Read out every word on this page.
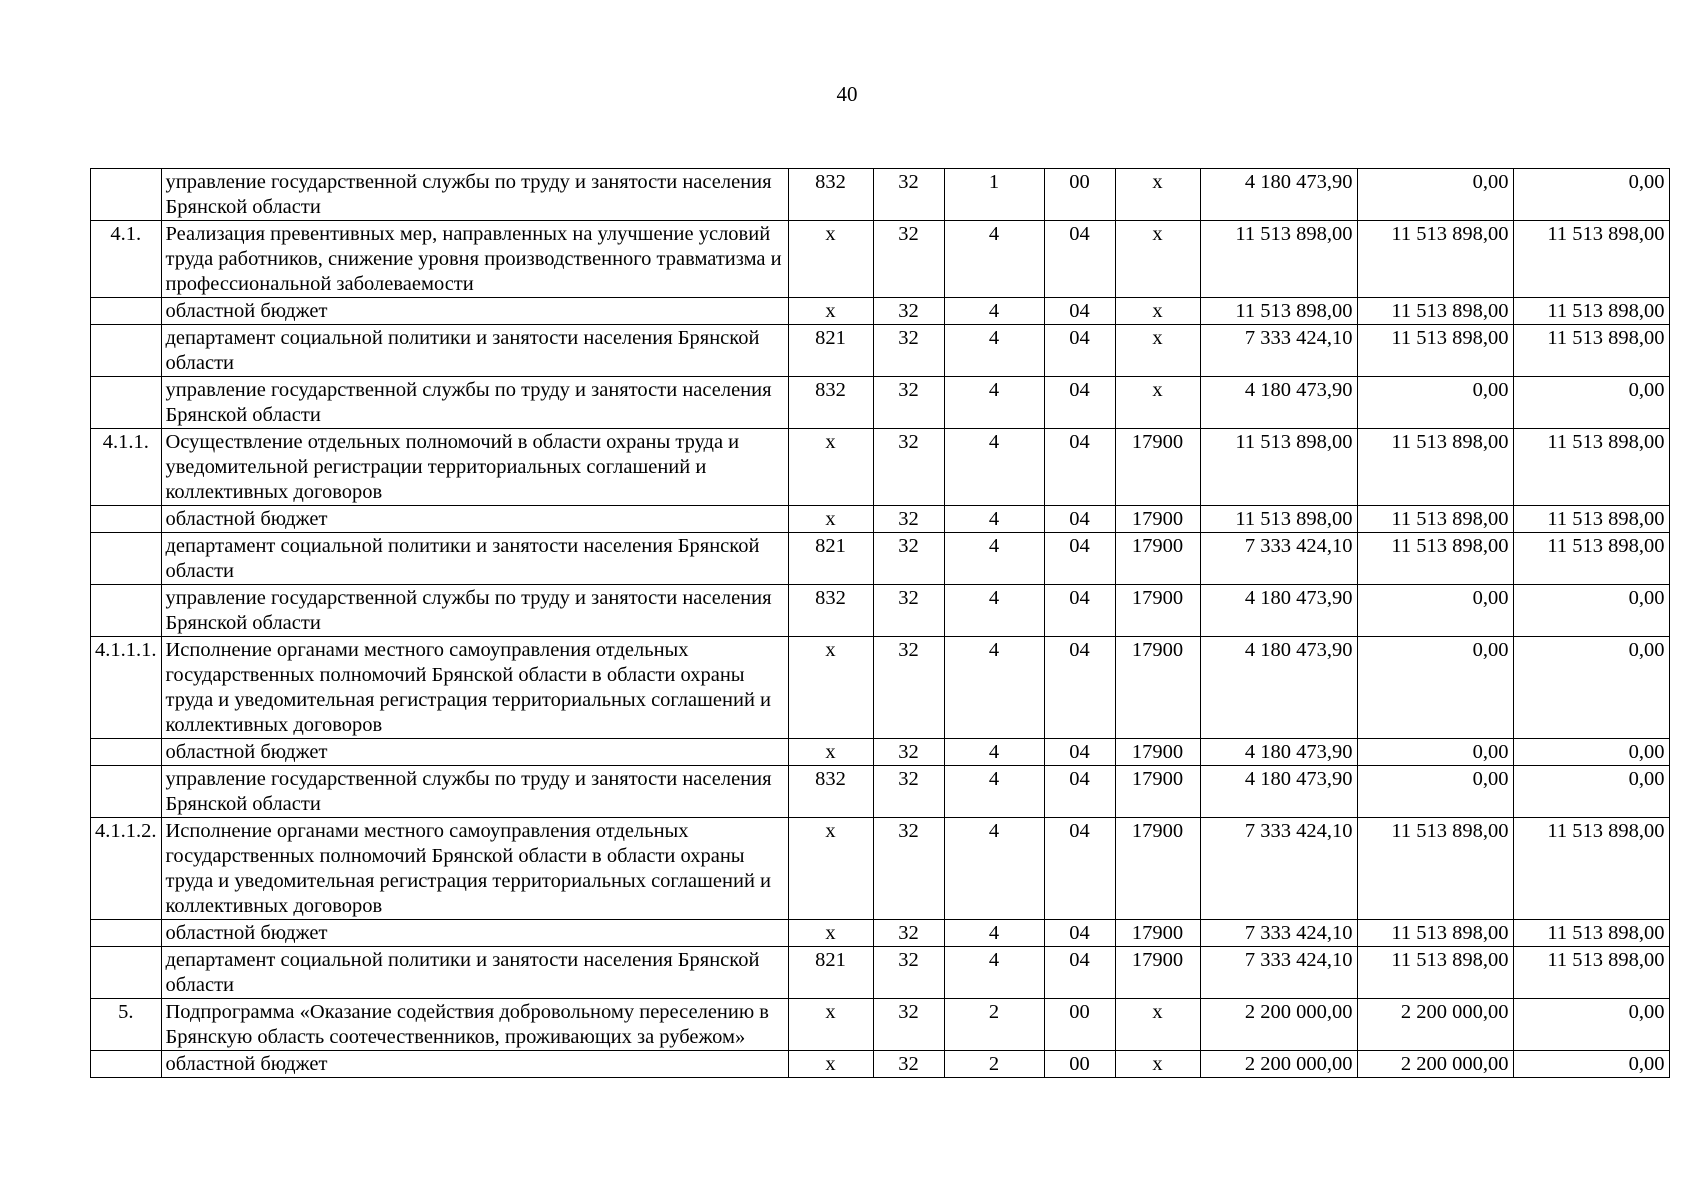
40
	управление государственной службы по труду и занятости населения Брянской области	832	32	1	00	х	4 180 473,90	0,00	0,00
4.1.	Реализация превентивных мер, направленных на улучшение условий труда работников, снижение уровня производственного травматизма и профессиональной заболеваемости	х	32	4	04	х	11 513 898,00	11 513 898,00	11 513 898,00
	областной бюджет	х	32	4	04	х	11 513 898,00	11 513 898,00	11 513 898,00
	департамент социальной политики и занятости населения Брянской области	821	32	4	04	х	7 333 424,10	11 513 898,00	11 513 898,00
	управление государственной службы по труду и занятости населения Брянской области	832	32	4	04	х	4 180 473,90	0,00	0,00
4.1.1.	Осуществление отдельных полномочий в области охраны труда и уведомительной регистрации территориальных соглашений и коллективных договоров	х	32	4	04	17900	11 513 898,00	11 513 898,00	11 513 898,00
	областной бюджет	х	32	4	04	17900	11 513 898,00	11 513 898,00	11 513 898,00
	департамент социальной политики и занятости населения Брянской области	821	32	4	04	17900	7 333 424,10	11 513 898,00	11 513 898,00
	управление государственной службы по труду и занятости населения Брянской области	832	32	4	04	17900	4 180 473,90	0,00	0,00
4.1.1.1.	Исполнение органами местного самоуправления отдельных государственных полномочий Брянской области в области охраны труда и уведомительная регистрация территориальных соглашений и коллективных договоров	х	32	4	04	17900	4 180 473,90	0,00	0,00
	областной бюджет	х	32	4	04	17900	4 180 473,90	0,00	0,00
	управление государственной службы по труду и занятости населения Брянской области	832	32	4	04	17900	4 180 473,90	0,00	0,00
4.1.1.2.	Исполнение органами местного самоуправления отдельных государственных полномочий Брянской области в области охраны труда и уведомительная регистрация территориальных соглашений и коллективных договоров	х	32	4	04	17900	7 333 424,10	11 513 898,00	11 513 898,00
	областной бюджет	х	32	4	04	17900	7 333 424,10	11 513 898,00	11 513 898,00
	департамент социальной политики и занятости населения Брянской области	821	32	4	04	17900	7 333 424,10	11 513 898,00	11 513 898,00
5.	Подпрограмма «Оказание содействия добровольному переселению в Брянскую область соотечественников, проживающих за рубежом»	х	32	2	00	х	2 200 000,00	2 200 000,00	0,00
	областной бюджет	х	32	2	00	х	2 200 000,00	2 200 000,00	0,00
